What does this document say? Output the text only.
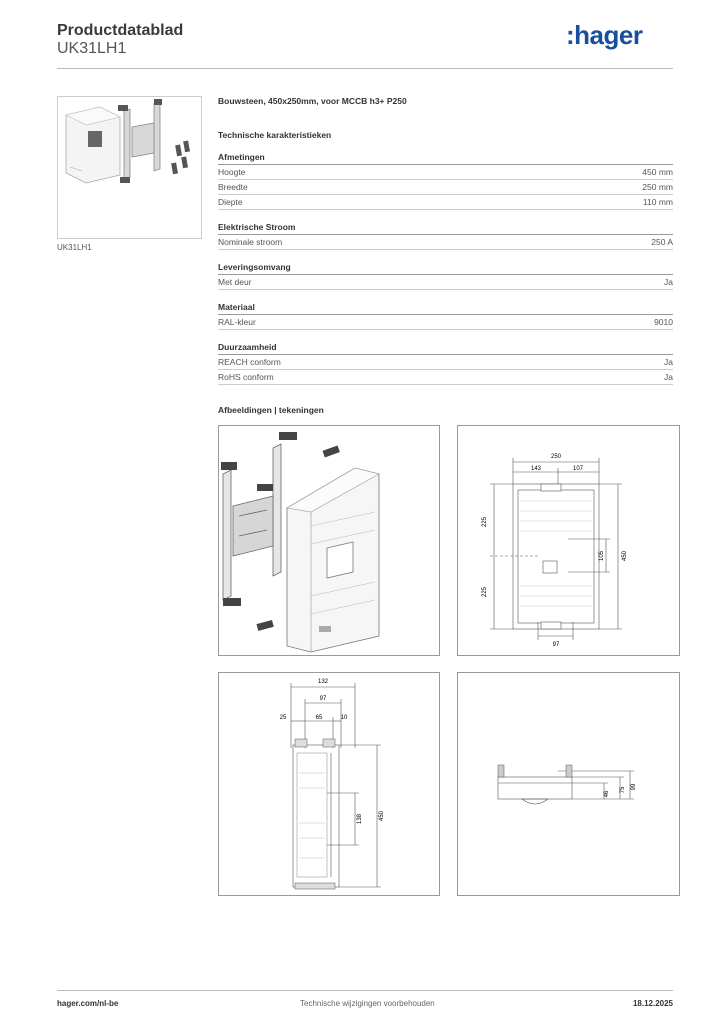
Productdatablad
UK31LH1	:hager
UK31LH1
Bouwsteen, 450x250mm, voor MCCB h3+ P250
Technische karakteristieken
Afmetingen
Hoogte	450 mm
Breedte	250 mm
Diepte	110 mm
Elektrische Stroom
Nominale stroom	250 A
Leveringsomvang
Met deur	Ja
Materiaal
RAL-kleur	9010
Duurzaamheid
REACH conform	Ja
RoHS conform	Ja
Afbeeldingen | tekeningen
250
143	107
225
225
450
105
97
132
97
25	65	10
138	450
46
75 99
hager.com/nl-be	Technische wijzigingen voorbehouden	18.12.2025
